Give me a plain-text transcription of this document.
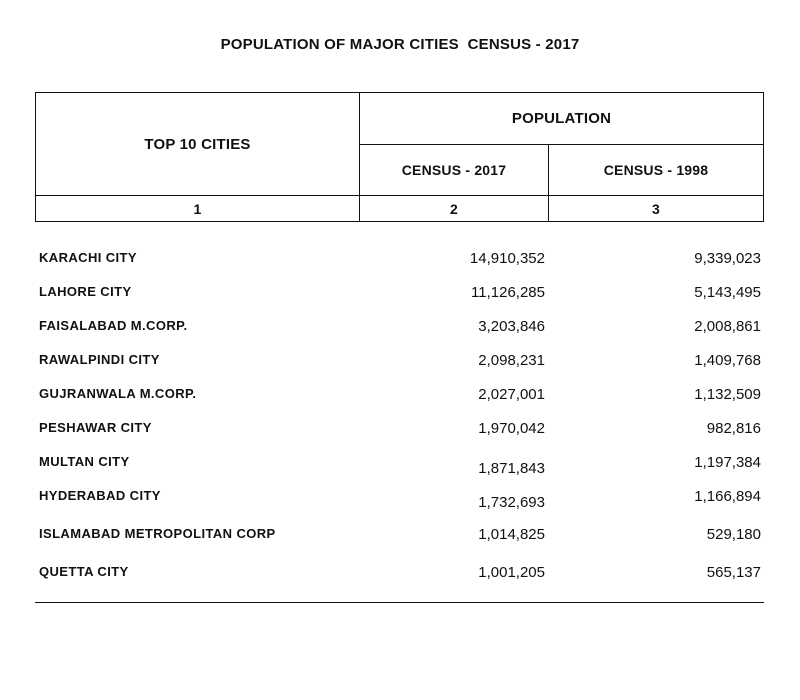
POPULATION OF MAJOR CITIES  CENSUS - 2017
TOP 10 CITIES
POPULATION
CENSUS - 2017	CENSUS - 1998
1	2	3
KARACHI CITY	14,910,352	9,339,023
LAHORE CITY	11,126,285	5,143,495
FAISALABAD M.CORP.	3,203,846	2,008,861
RAWALPINDI CITY	2,098,231	1,409,768
GUJRANWALA M.CORP.	2,027,001	1,132,509
PESHAWAR CITY	1,970,042	982,816
MULTAN CITY	1,871,843	1,197,384
HYDERABAD CITY	1,732,693	1,166,894
ISLAMABAD METROPOLITAN CORP	1,014,825	529,180
QUETTA CITY	1,001,205	565,137
